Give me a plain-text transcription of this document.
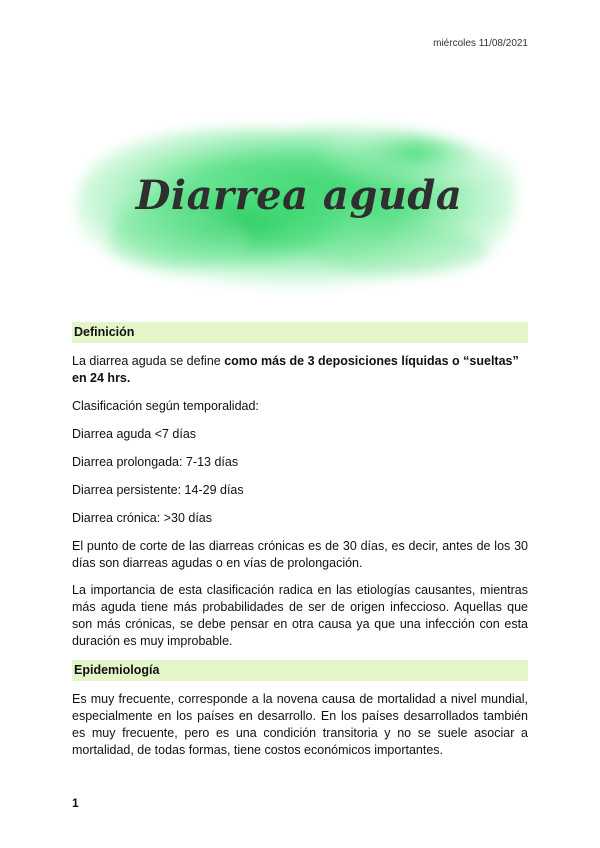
miércoles 11/08/2021
Diarrea aguda
Definición

La diarrea aguda se define como más de 3 deposiciones líquidas o “sueltas” en 24 hrs.

Clasificación según temporalidad:

Diarrea aguda <7 días

Diarrea prolongada: 7-13 días

Diarrea persistente: 14-29 días

Diarrea crónica: >30 días

El punto de corte de las diarreas crónicas es de 30 días, es decir, antes de los 30 días son diarreas agudas o en vías de prolongación.

La importancia de esta clasificación radica en las etiologías causantes, mientras más aguda tiene más probabilidades de ser de origen infeccioso. Aquellas que son más crónicas, se debe pensar en otra causa ya que una infección con esta duración es muy improbable.

Epidemiología

Es muy frecuente, corresponde a la novena causa de mortalidad a nivel mundial, especialmente en los países en desarrollo. En los países desarrollados también es muy frecuente, pero es una condición transitoria y no se suele asociar a mortalidad, de todas formas, tiene costos económicos importantes.

1
